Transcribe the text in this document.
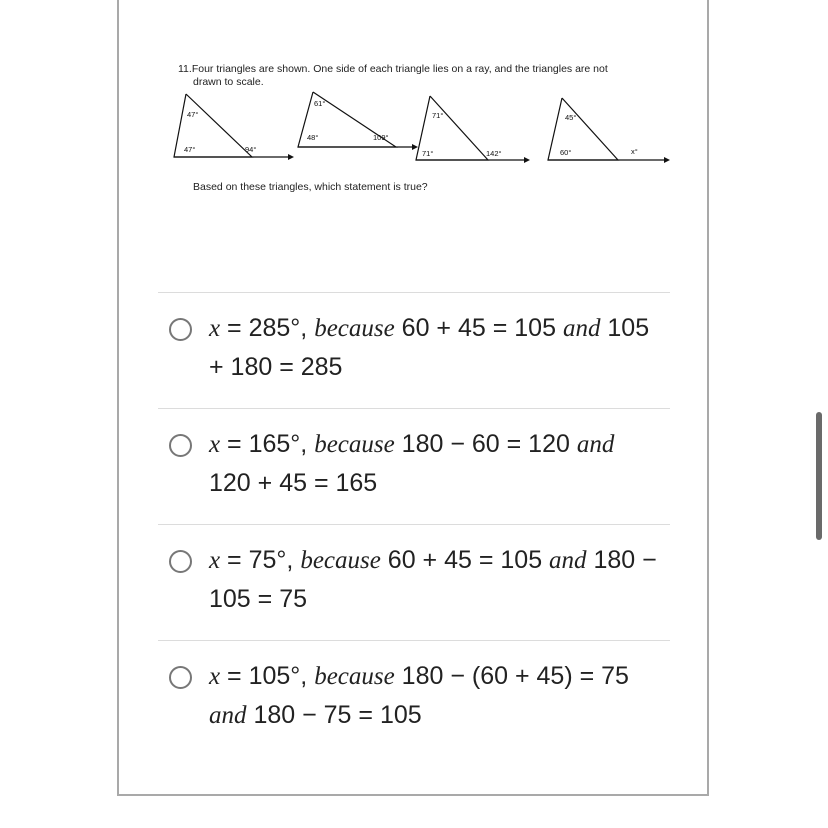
11.Four triangles are shown. One side of each triangle lies on a ray, and the triangles are not
drawn to scale.
47°
47°	94°
61°
48°	109°
71°
71°	142°
45°
60°	x°
Based on these triangles, which statement is true?
x = 285°, because 60 + 45 = 105 and 105 + 180 = 285
x = 165°, because 180 − 60 = 120 and 120 + 45 = 165
x = 75°, because 60 + 45 = 105 and 180 − 105 = 75
x = 105°, because 180 − (60 + 45) = 75 and 180 − 75 = 105
